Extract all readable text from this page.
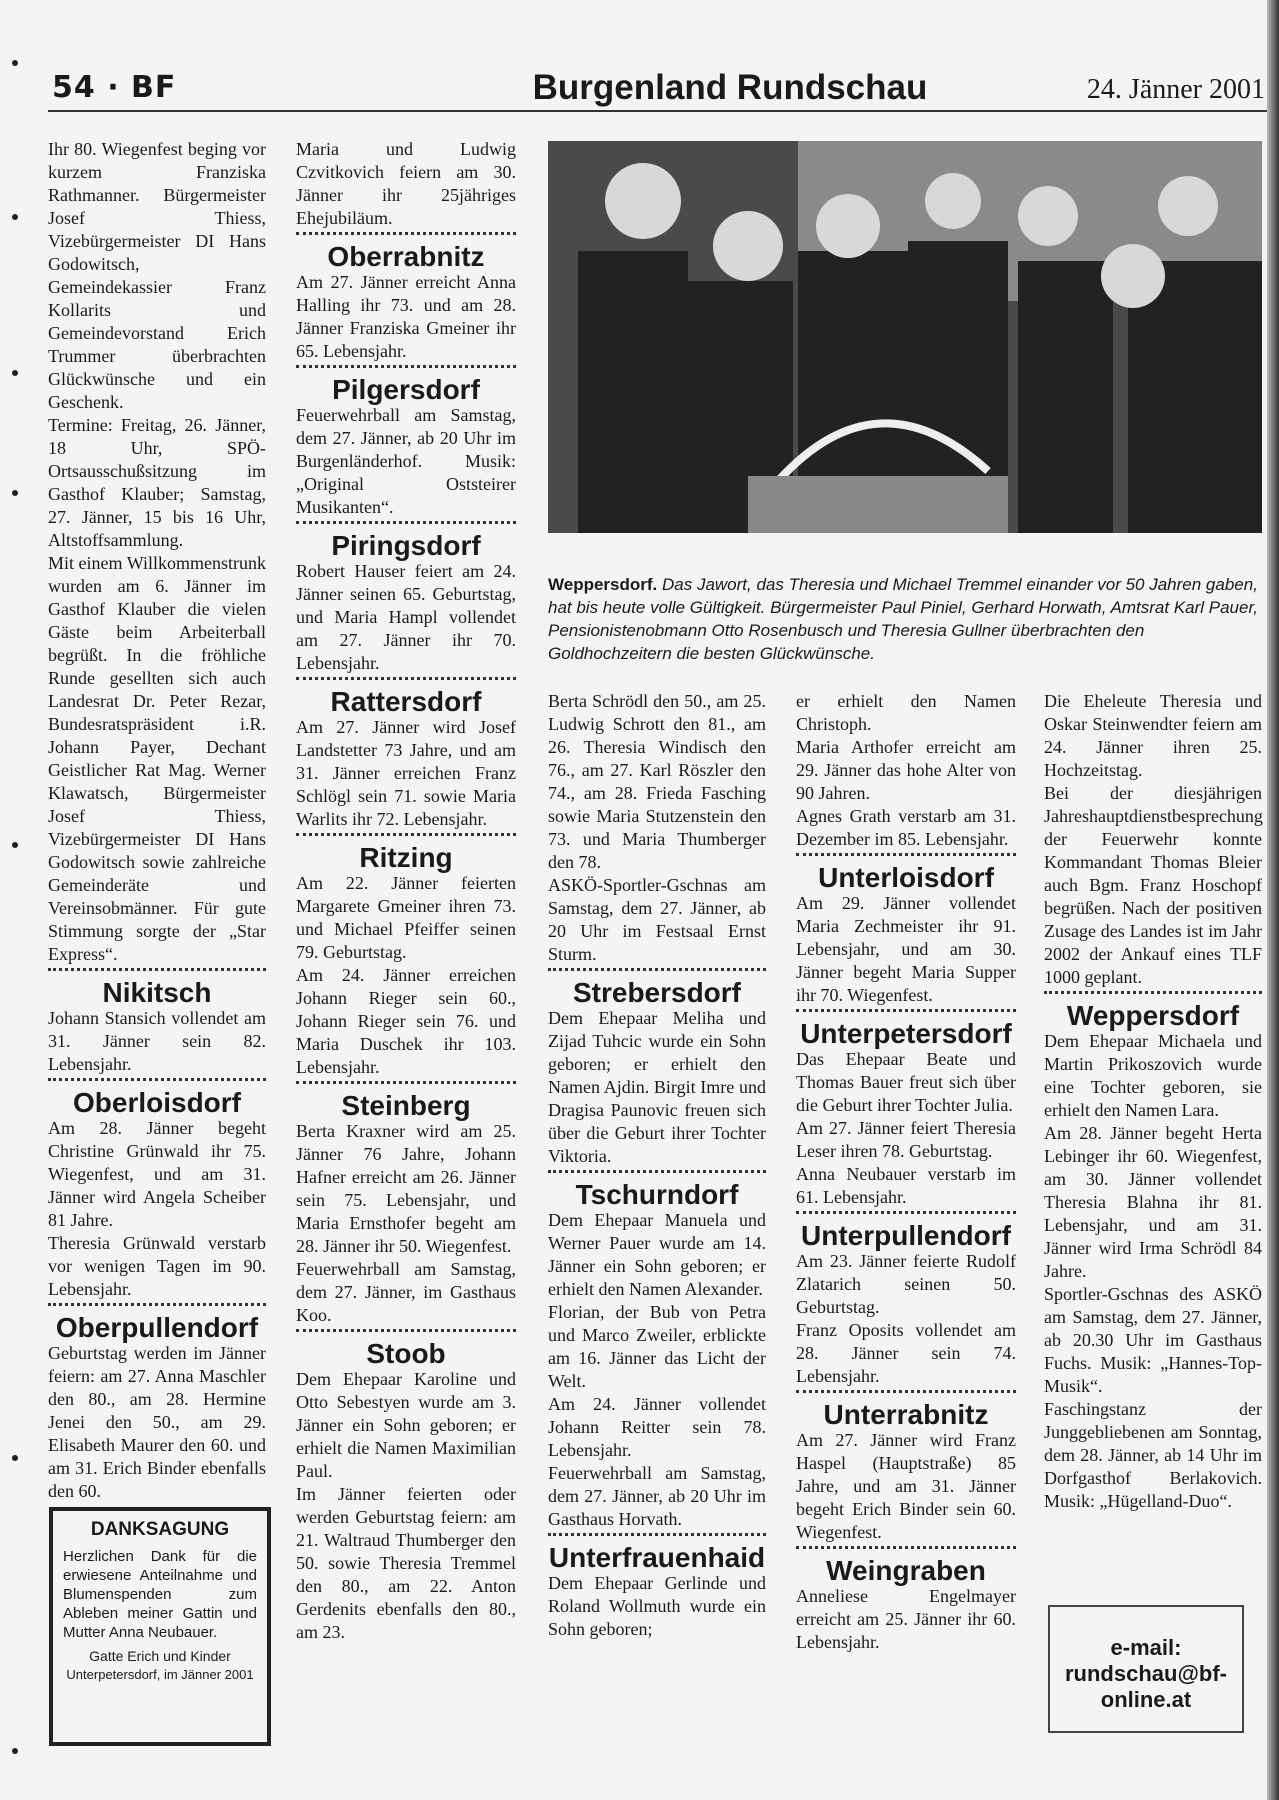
54 · BF	Burgenland Rundschau	24. Jänner 2001

Ihr 80. Wiegenfest beging vor kurzem Franziska Rathmanner. Bürgermeister Josef Thiess, Vizebürgermeister DI Hans Godowitsch, Gemeindekassier Franz Kollarits und Gemeindevorstand Erich Trummer überbrachten Glückwünsche und ein Geschenk.

Termine: Freitag, 26. Jänner, 18 Uhr, SPÖ-Ortsausschußsitzung im Gasthof Klauber; Samstag, 27. Jänner, 15 bis 16 Uhr, Altstoffsammlung.

Mit einem Willkommenstrunk wurden am 6. Jänner im Gasthof Klauber die vielen Gäste beim Arbeiterball begrüßt. In die fröhliche Runde gesellten sich auch Landesrat Dr. Peter Rezar, Bundesratspräsident i.R. Johann Payer, Dechant Geistlicher Rat Mag. Werner Klawatsch, Bürgermeister Josef Thiess, Vizebürgermeister DI Hans Godowitsch sowie zahlreiche Gemeinderäte und Vereinsobmänner. Für gute Stimmung sorgte der „Star Express“.

Nikitsch

Johann Stansich vollendet am 31. Jänner sein 82. Lebensjahr.

Oberloisdorf

Am 28. Jänner begeht Christine Grünwald ihr 75. Wiegenfest, und am 31. Jänner wird Angela Scheiber 81 Jahre.

Theresia Grünwald verstarb vor wenigen Tagen im 90. Lebensjahr.

Oberpullendorf

Geburtstag werden im Jänner feiern: am 27. Anna Maschler den 80., am 28. Hermine Jenei den 50., am 29. Elisabeth Maurer den 60. und am 31. Erich Binder ebenfalls den 60.

DANKSAGUNG
Herzlichen Dank für die erwiesene Anteilnahme und Blumenspenden zum Ableben meiner Gattin und Mutter Anna Neubauer.
Gatte Erich und Kinder
Unterpetersdorf, im Jänner 2001

Maria und Ludwig Czvitkovich feiern am 30. Jänner ihr 25jähriges Ehejubiläum.

Oberrabnitz

Am 27. Jänner erreicht Anna Halling ihr 73. und am 28. Jänner Franziska Gmeiner ihr 65. Lebensjahr.

Pilgersdorf

Feuerwehrball am Samstag, dem 27. Jänner, ab 20 Uhr im Burgenländerhof. Musik: „Original Oststeirer Musikanten“.

Piringsdorf

Robert Hauser feiert am 24. Jänner seinen 65. Geburtstag, und Maria Hampl vollendet am 27. Jänner ihr 70. Lebensjahr.

Rattersdorf

Am 27. Jänner wird Josef Landstetter 73 Jahre, und am 31. Jänner erreichen Franz Schlögl sein 71. sowie Maria Warlits ihr 72. Lebensjahr.

Ritzing

Am 22. Jänner feierten Margarete Gmeiner ihren 73. und Michael Pfeiffer seinen 79. Geburtstag.

Am 24. Jänner erreichen Johann Rieger sein 60., Johann Rieger sein 76. und Maria Duschek ihr 103. Lebensjahr.

Steinberg

Berta Kraxner wird am 25. Jänner 76 Jahre, Johann Hafner erreicht am 26. Jänner sein 75. Lebensjahr, und Maria Ernsthofer begeht am 28. Jänner ihr 50. Wiegenfest.

Feuerwehrball am Samstag, dem 27. Jänner, im Gasthaus Koo.

Stoob

Dem Ehepaar Karoline und Otto Sebestyen wurde am 3. Jänner ein Sohn geboren; er erhielt die Namen Maximilian Paul.

Im Jänner feierten oder werden Geburtstag feiern: am 21. Waltraud Thumberger den 50. sowie Theresia Tremmel den 80., am 22. Anton Gerdenits ebenfalls den 80., am 23.

Weppersdorf. Das Jawort, das Theresia und Michael Tremmel einander vor 50 Jahren gaben, hat bis heute volle Gültigkeit. Bürgermeister Paul Piniel, Gerhard Horwath, Amtsrat Karl Pauer, Pensionistenobmann Otto Rosenbusch und Theresia Gullner überbrachten den Goldhochzeitern die besten Glückwünsche.

Berta Schrödl den 50., am 25. Ludwig Schrott den 81., am 26. Theresia Windisch den 76., am 27. Karl Röszler den 74., am 28. Frieda Fasching sowie Maria Stutzenstein den 73. und Maria Thumberger den 78.

ASKÖ-Sportler-Gschnas am Samstag, dem 27. Jänner, ab 20 Uhr im Festsaal Ernst Sturm.

Strebersdorf

Dem Ehepaar Meliha und Zijad Tuhcic wurde ein Sohn geboren; er erhielt den Namen Ajdin. Birgit Imre und Dragisa Paunovic freuen sich über die Geburt ihrer Tochter Viktoria.

Tschurndorf

Dem Ehepaar Manuela und Werner Pauer wurde am 14. Jänner ein Sohn geboren; er erhielt den Namen Alexander.

Florian, der Bub von Petra und Marco Zweiler, erblickte am 16. Jänner das Licht der Welt.

Am 24. Jänner vollendet Johann Reitter sein 78. Lebensjahr.

Feuerwehrball am Samstag, dem 27. Jänner, ab 20 Uhr im Gasthaus Horvath.

Unterfrauenhaid

Dem Ehepaar Gerlinde und Roland Wollmuth wurde ein Sohn geboren;

er erhielt den Namen Christoph.

Maria Arthofer erreicht am 29. Jänner das hohe Alter von 90 Jahren.

Agnes Grath verstarb am 31. Dezember im 85. Lebensjahr.

Unterloisdorf

Am 29. Jänner vollendet Maria Zechmeister ihr 91. Lebensjahr, und am 30. Jänner begeht Maria Supper ihr 70. Wiegenfest.

Unterpetersdorf

Das Ehepaar Beate und Thomas Bauer freut sich über die Geburt ihrer Tochter Julia.

Am 27. Jänner feiert Theresia Leser ihren 78. Geburtstag.

Anna Neubauer verstarb im 61. Lebensjahr.

Unterpullendorf

Am 23. Jänner feierte Rudolf Zlatarich seinen 50. Geburtstag.

Franz Oposits vollendet am 28. Jänner sein 74. Lebensjahr.

Unterrabnitz

Am 27. Jänner wird Franz Haspel (Hauptstraße) 85 Jahre, und am 31. Jänner begeht Erich Binder sein 60. Wiegenfest.

Weingraben

Anneliese Engelmayer erreicht am 25. Jänner ihr 60. Lebensjahr.

Die Eheleute Theresia und Oskar Steinwendter feiern am 24. Jänner ihren 25. Hochzeitstag.

Bei der diesjährigen Jahreshauptdienstbesprechung der Feuerwehr konnte Kommandant Thomas Bleier auch Bgm. Franz Hoschopf begrüßen. Nach der positiven Zusage des Landes ist im Jahr 2002 der Ankauf eines TLF 1000 geplant.

Weppersdorf

Dem Ehepaar Michaela und Martin Prikoszovich wurde eine Tochter geboren, sie erhielt den Namen Lara.

Am 28. Jänner begeht Herta Lebinger ihr 60. Wiegenfest, am 30. Jänner vollendet Theresia Blahna ihr 81. Lebensjahr, und am 31. Jänner wird Irma Schrödl 84 Jahre.

Sportler-Gschnas des ASKÖ am Samstag, dem 27. Jänner, ab 20.30 Uhr im Gasthaus Fuchs. Musik: „Hannes-Top-Musik“.

Faschingstanz der Junggebliebenen am Sonntag, dem 28. Jänner, ab 14 Uhr im Dorfgasthof Berlakovich. Musik: „Hügelland-Duo“.

e-mail:
rundschau@bf-online.at
